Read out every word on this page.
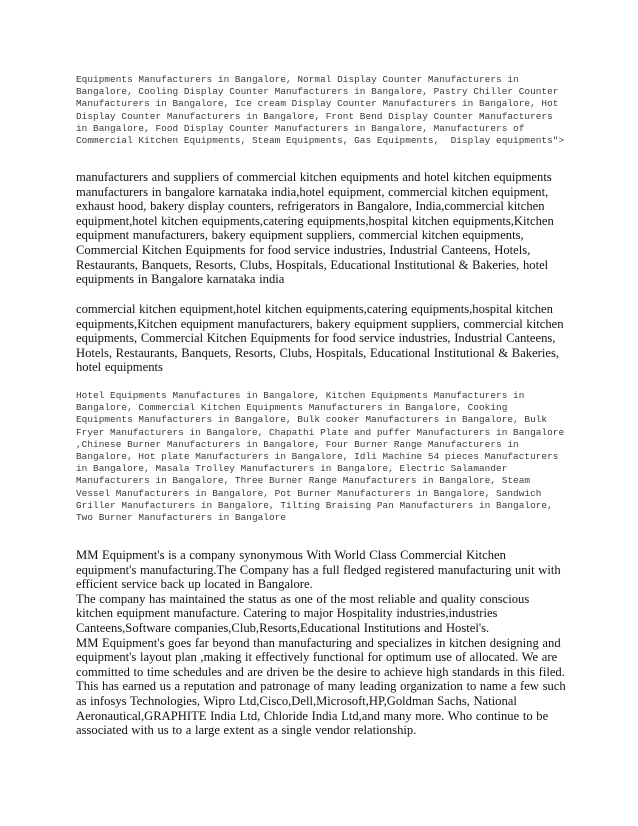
Equipments Manufacturers in Bangalore, Normal Display Counter Manufacturers in Bangalore, Cooling Display Counter Manufacturers in Bangalore, Pastry Chiller Counter Manufacturers in Bangalore, Ice cream Display Counter Manufacturers in Bangalore, Hot Display Counter Manufacturers in Bangalore, Front Bend Display Counter Manufacturers in Bangalore, Food Display Counter Manufacturers in Bangalore, Manufacturers of Commercial Kitchen Equipments, Steam Equipments, Gas Equipments,  Display equipments">
manufacturers and suppliers of commercial kitchen equipments and hotel kitchen equipments manufacturers in bangalore karnataka india,hotel equipment, commercial kitchen equipment, exhaust hood, bakery display counters, refrigerators in Bangalore, India,commercial kitchen equipment,hotel kitchen equipments,catering equipments,hospital kitchen equipments,Kitchen equipment manufacturers, bakery equipment suppliers, commercial kitchen equipments, Commercial Kitchen Equipments for food service industries, Industrial Canteens, Hotels, Restaurants, Banquets, Resorts, Clubs, Hospitals, Educational Institutional & Bakeries, hotel equipments in Bangalore karnataka india
commercial kitchen equipment,hotel kitchen equipments,catering equipments,hospital kitchen equipments,Kitchen equipment manufacturers, bakery equipment suppliers, commercial kitchen equipments, Commercial Kitchen Equipments for food service industries, Industrial Canteens, Hotels, Restaurants, Banquets, Resorts, Clubs, Hospitals, Educational Institutional & Bakeries, hotel equipments
Hotel Equipments Manufactures in Bangalore, Kitchen Equipments Manufacturers in Bangalore, Commercial Kitchen Equipments Manufacturers in Bangalore, Cooking Equipments Manufacturers in Bangalore, Bulk cooker Manufacturers in Bangalore, Bulk Fryer Manufacturers in Bangalore, Chapathi Plate and puffer Manufacturers in Bangalore ,Chinese Burner Manufacturers in Bangalore, Four Burner Range Manufacturers in Bangalore, Hot plate Manufacturers in Bangalore, Idli Machine 54 pieces Manufacturers in Bangalore, Masala Trolley Manufacturers in Bangalore, Electric Salamander Manufacturers in Bangalore, Three Burner Range Manufacturers in Bangalore, Steam Vessel Manufacturers in Bangalore, Pot Burner Manufacturers in Bangalore, Sandwich Griller Manufacturers in Bangalore, Tilting Braising Pan Manufacturers in Bangalore, Two Burner Manufacturers in Bangalore

MM Equipment's is a company synonymous With World Class Commercial Kitchen equipment's manufacturing.The Company has a full fledged registered manufacturing unit with efficient service back up located in Bangalore.

The company has maintained the status as one of the most reliable and quality conscious kitchen equipment manufacture. Catering to major Hospitality industries,industries Canteens,Software companies,Club,Resorts,Educational Institutions and Hostel's.

MM Equipment's goes far beyond than manufacturing and specializes in kitchen designing and equipment's layout plan ,making it effectively functional for optimum use of allocated. We are committed to time schedules and are driven be the desire to achieve high standards in this filed. This has earned us a reputation and patronage of many leading organization to name a few such as infosys Technologies, Wipro Ltd,Cisco,Dell,Microsoft,HP,Goldman Sachs, National Aeronautical,GRAPHITE India Ltd, Chloride India Ltd,and many more. Who continue to be associated with us to a large extent as a single vendor relationship.
